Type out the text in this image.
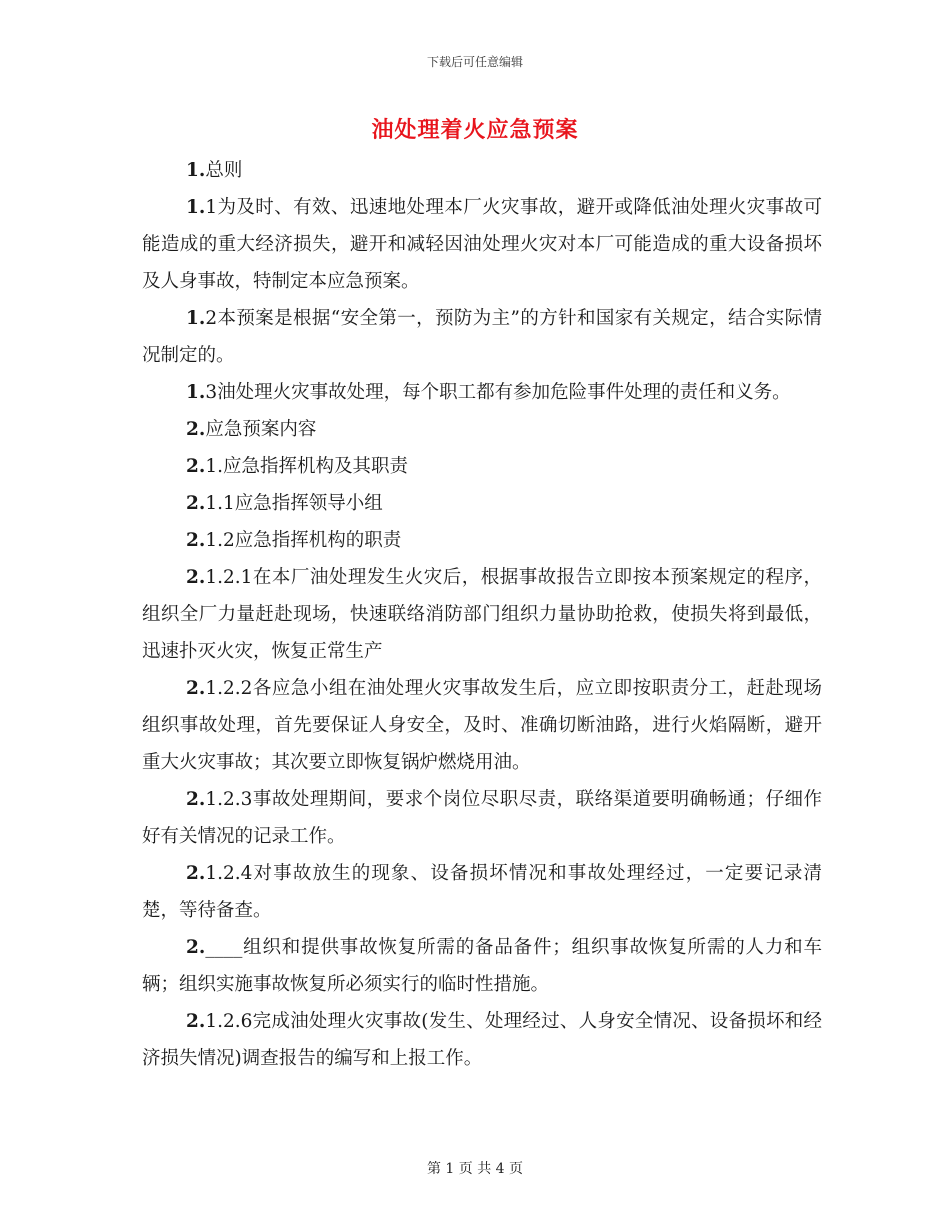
下载后可任意编辑
油处理着火应急预案

1.总则

1.1为及时、有效、迅速地处理本厂火灾事故，避开或降低油处理火灾事故可能造成的重大经济损失，避开和减轻因油处理火灾对本厂可能造成的重大设备损坏及人身事故，特制定本应急预案。

1.2本预案是根据“安全第一，预防为主”的方针和国家有关规定，结合实际情况制定的。

1.3油处理火灾事故处理，每个职工都有参加危险事件处理的责任和义务。

2.应急预案内容

2.1.应急指挥机构及其职责

2.1.1应急指挥领导小组

2.1.2应急指挥机构的职责

2.1.2.1在本厂油处理发生火灾后，根据事故报告立即按本预案规定的程序，组织全厂力量赶赴现场，快速联络消防部门组织力量协助抢救，使损失将到最低，迅速扑灭火灾，恢复正常生产

2.1.2.2各应急小组在油处理火灾事故发生后，应立即按职责分工，赶赴现场组织事故处理，首先要保证人身安全，及时、准确切断油路，进行火焰隔断，避开重大火灾事故；其次要立即恢复锅炉燃烧用油。

2.1.2.3事故处理期间，要求个岗位尽职尽责，联络渠道要明确畅通；仔细作好有关情况的记录工作。

2.1.2.4对事故放生的现象、设备损坏情况和事故处理经过，一定要记录清楚，等待备查。

2.____组织和提供事故恢复所需的备品备件；组织事故恢复所需的人力和车辆；组织实施事故恢复所必须实行的临时性措施。

2.1.2.6完成油处理火灾事故(发生、处理经过、人身安全情况、设备损坏和经济损失情况)调查报告的编写和上报工作。

第 1 页 共 4 页
